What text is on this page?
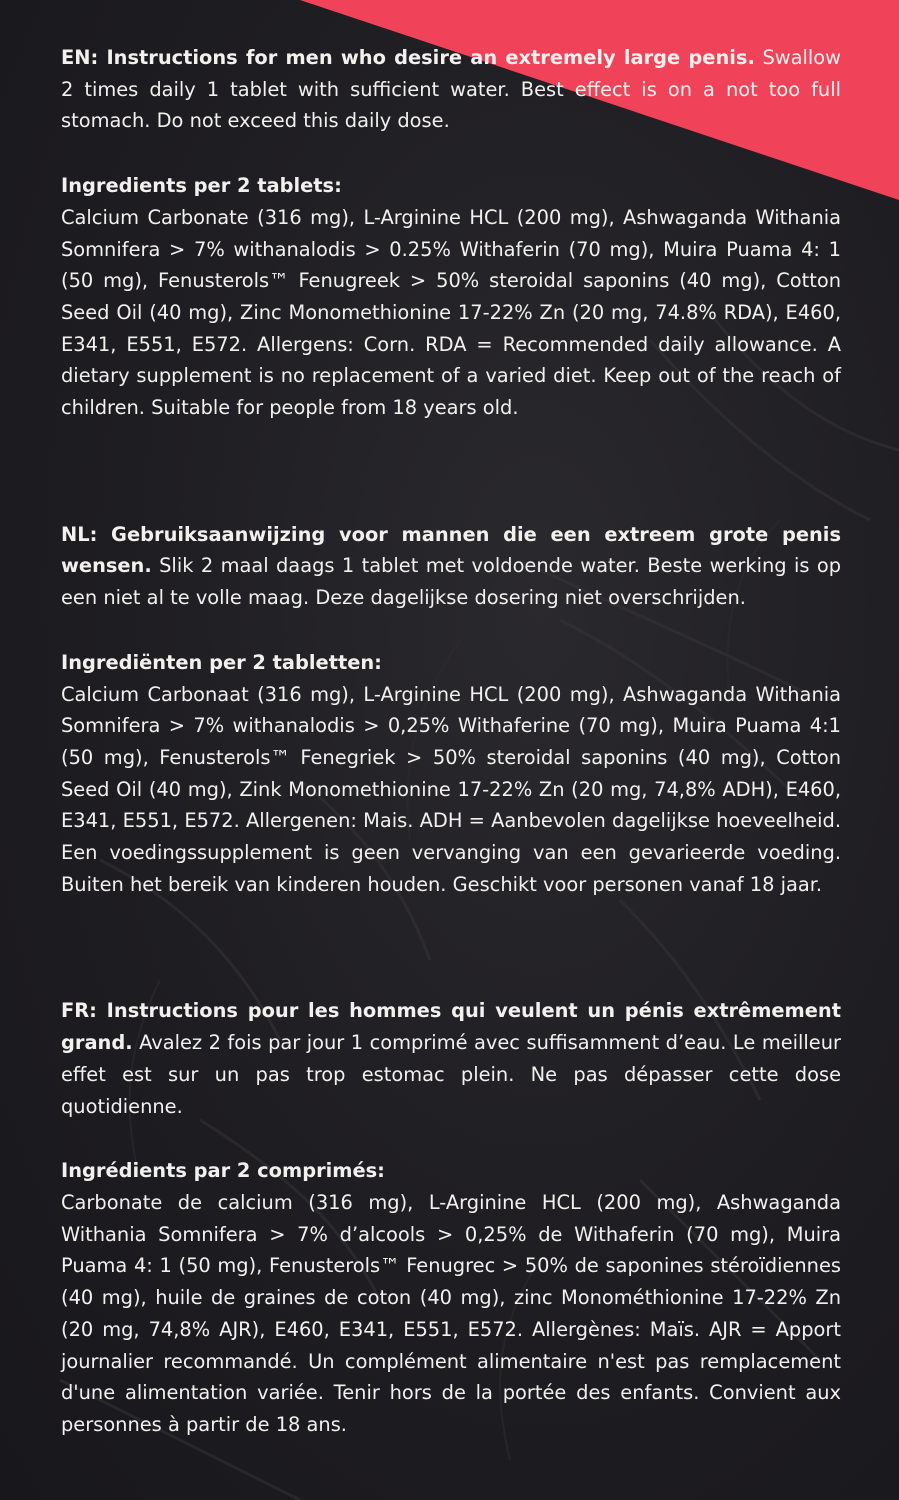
EN: Instructions for men who desire an extremely large penis. Swallow 2 times daily 1 tablet with sufficient water. Best effect is on a not too full stomach. Do not exceed this daily dose.

Ingredients per 2 tablets:

Calcium Carbonate (316 mg), L-Arginine HCL (200 mg), Ashwaganda Withania Somnifera > 7% withanalodis > 0.25% Withaferin (70 mg), Muira Puama 4: 1 (50 mg), Fenusterols™ Fenugreek > 50% steroidal saponins (40 mg), Cotton Seed Oil (40 mg), Zinc Monomethionine 17-22% Zn (20 mg, 74.8% RDA), E460, E341, E551, E572. Allergens: Corn. RDA = Recommended daily allowance. A dietary supplement is no replacement of a varied diet. Keep out of the reach of children. Suitable for people from 18 years old.

NL: Gebruiksaanwijzing voor mannen die een extreem grote penis wensen. Slik 2 maal daags 1 tablet met voldoende water. Beste werking is op een niet al te volle maag. Deze dagelijkse dosering niet overschrijden.

Ingrediënten per 2 tabletten:

Calcium Carbonaat (316 mg), L-Arginine HCL (200 mg), Ashwaganda Withania Somnifera > 7% withanalodis > 0,25% Withaferine (70 mg), Muira Puama 4:1 (50 mg), Fenusterols™ Fenegriek > 50% steroidal saponins (40 mg), Cotton Seed Oil (40 mg), Zink Monomethionine 17-22% Zn (20 mg, 74,8% ADH), E460, E341, E551, E572. Allergenen: Mais. ADH = Aanbevolen dagelijkse hoeveelheid. Een voedingssupplement is geen vervanging van een gevarieerde voeding. Buiten het bereik van kinderen houden. Geschikt voor personen vanaf 18 jaar.

FR: Instructions pour les hommes qui veulent un pénis extrêmement grand. Avalez 2 fois par jour 1 comprimé avec suffisamment d’eau. Le meilleur effet est sur un pas trop estomac plein. Ne pas dépasser cette dose quotidienne.

Ingrédients par 2 comprimés:

Carbonate de calcium (316 mg), L-Arginine HCL (200 mg), Ashwaganda Withania Somnifera > 7% d’alcools > 0,25% de Withaferin (70 mg), Muira Puama 4: 1 (50 mg), Fenusterols™ Fenugrec > 50% de saponines stéroïdiennes (40 mg), huile de graines de coton (40 mg), zinc Monométhionine 17-22% Zn (20 mg, 74,8% AJR), E460, E341, E551, E572. Allergènes: Maïs. AJR = Apport journalier recommandé. Un complément alimentaire n'est pas remplacement d'une alimentation variée. Tenir hors de la portée des enfants. Convient aux personnes à partir de 18 ans.
